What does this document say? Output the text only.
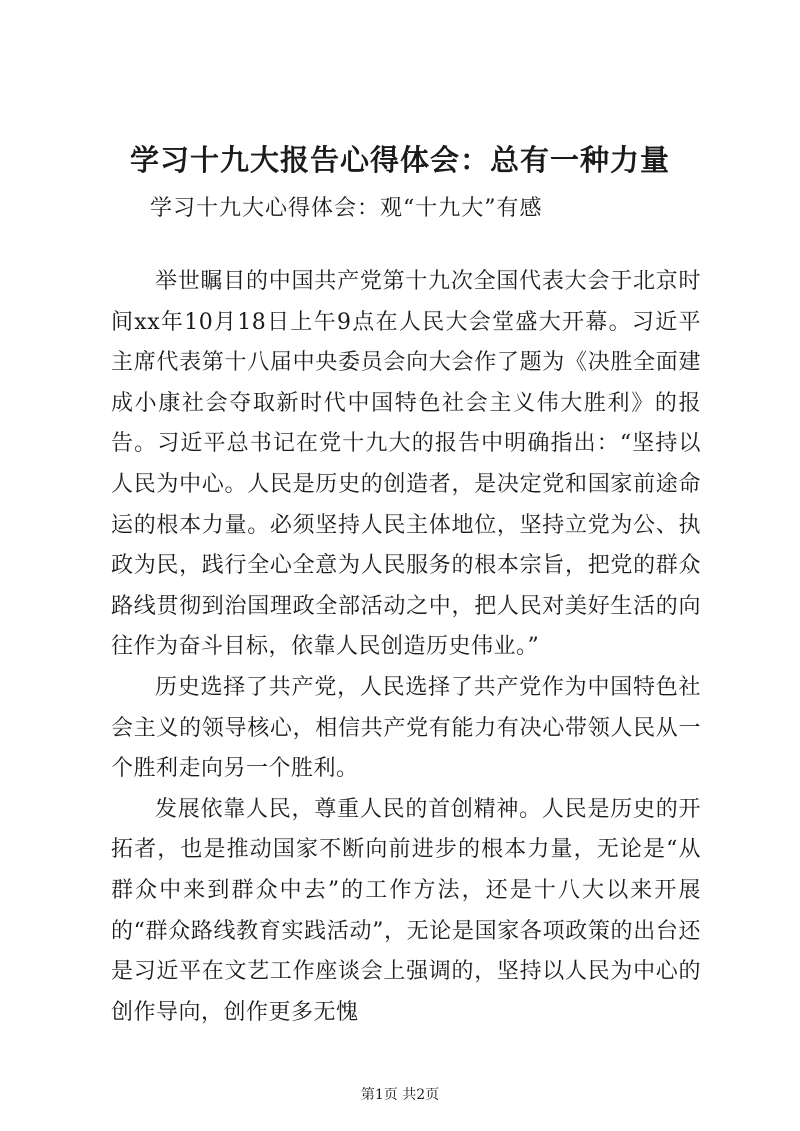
学习十九大报告心得体会：总有一种力量
学习十九大心得体会：观“十九大”有感

举世瞩目的中国共产党第十九次全国代表大会于北京时间xx年10月18日上午9点在人民大会堂盛大开幕。习近平主席代表第十八届中央委员会向大会作了题为《决胜全面建成小康社会夺取新时代中国特色社会主义伟大胜利》的报告。习近平总书记在党十九大的报告中明确指出：“坚持以人民为中心。人民是历史的创造者，是决定党和国家前途命运的根本力量。必须坚持人民主体地位，坚持立党为公、执政为民，践行全心全意为人民服务的根本宗旨，把党的群众路线贯彻到治国理政全部活动之中，把人民对美好生活的向往作为奋斗目标，依靠人民创造历史伟业。”

历史选择了共产党，人民选择了共产党作为中国特色社会主义的领导核心，相信共产党有能力有决心带领人民从一个胜利走向另一个胜利。

发展依靠人民，尊重人民的首创精神。人民是历史的开拓者，也是推动国家不断向前进步的根本力量，无论是“从群众中来到群众中去”的工作方法，还是十八大以来开展的“群众路线教育实践活动”，无论是国家各项政策的出台还是习近平在文艺工作座谈会上强调的，坚持以人民为中心的创作导向，创作更多无愧

第1页 共2页
